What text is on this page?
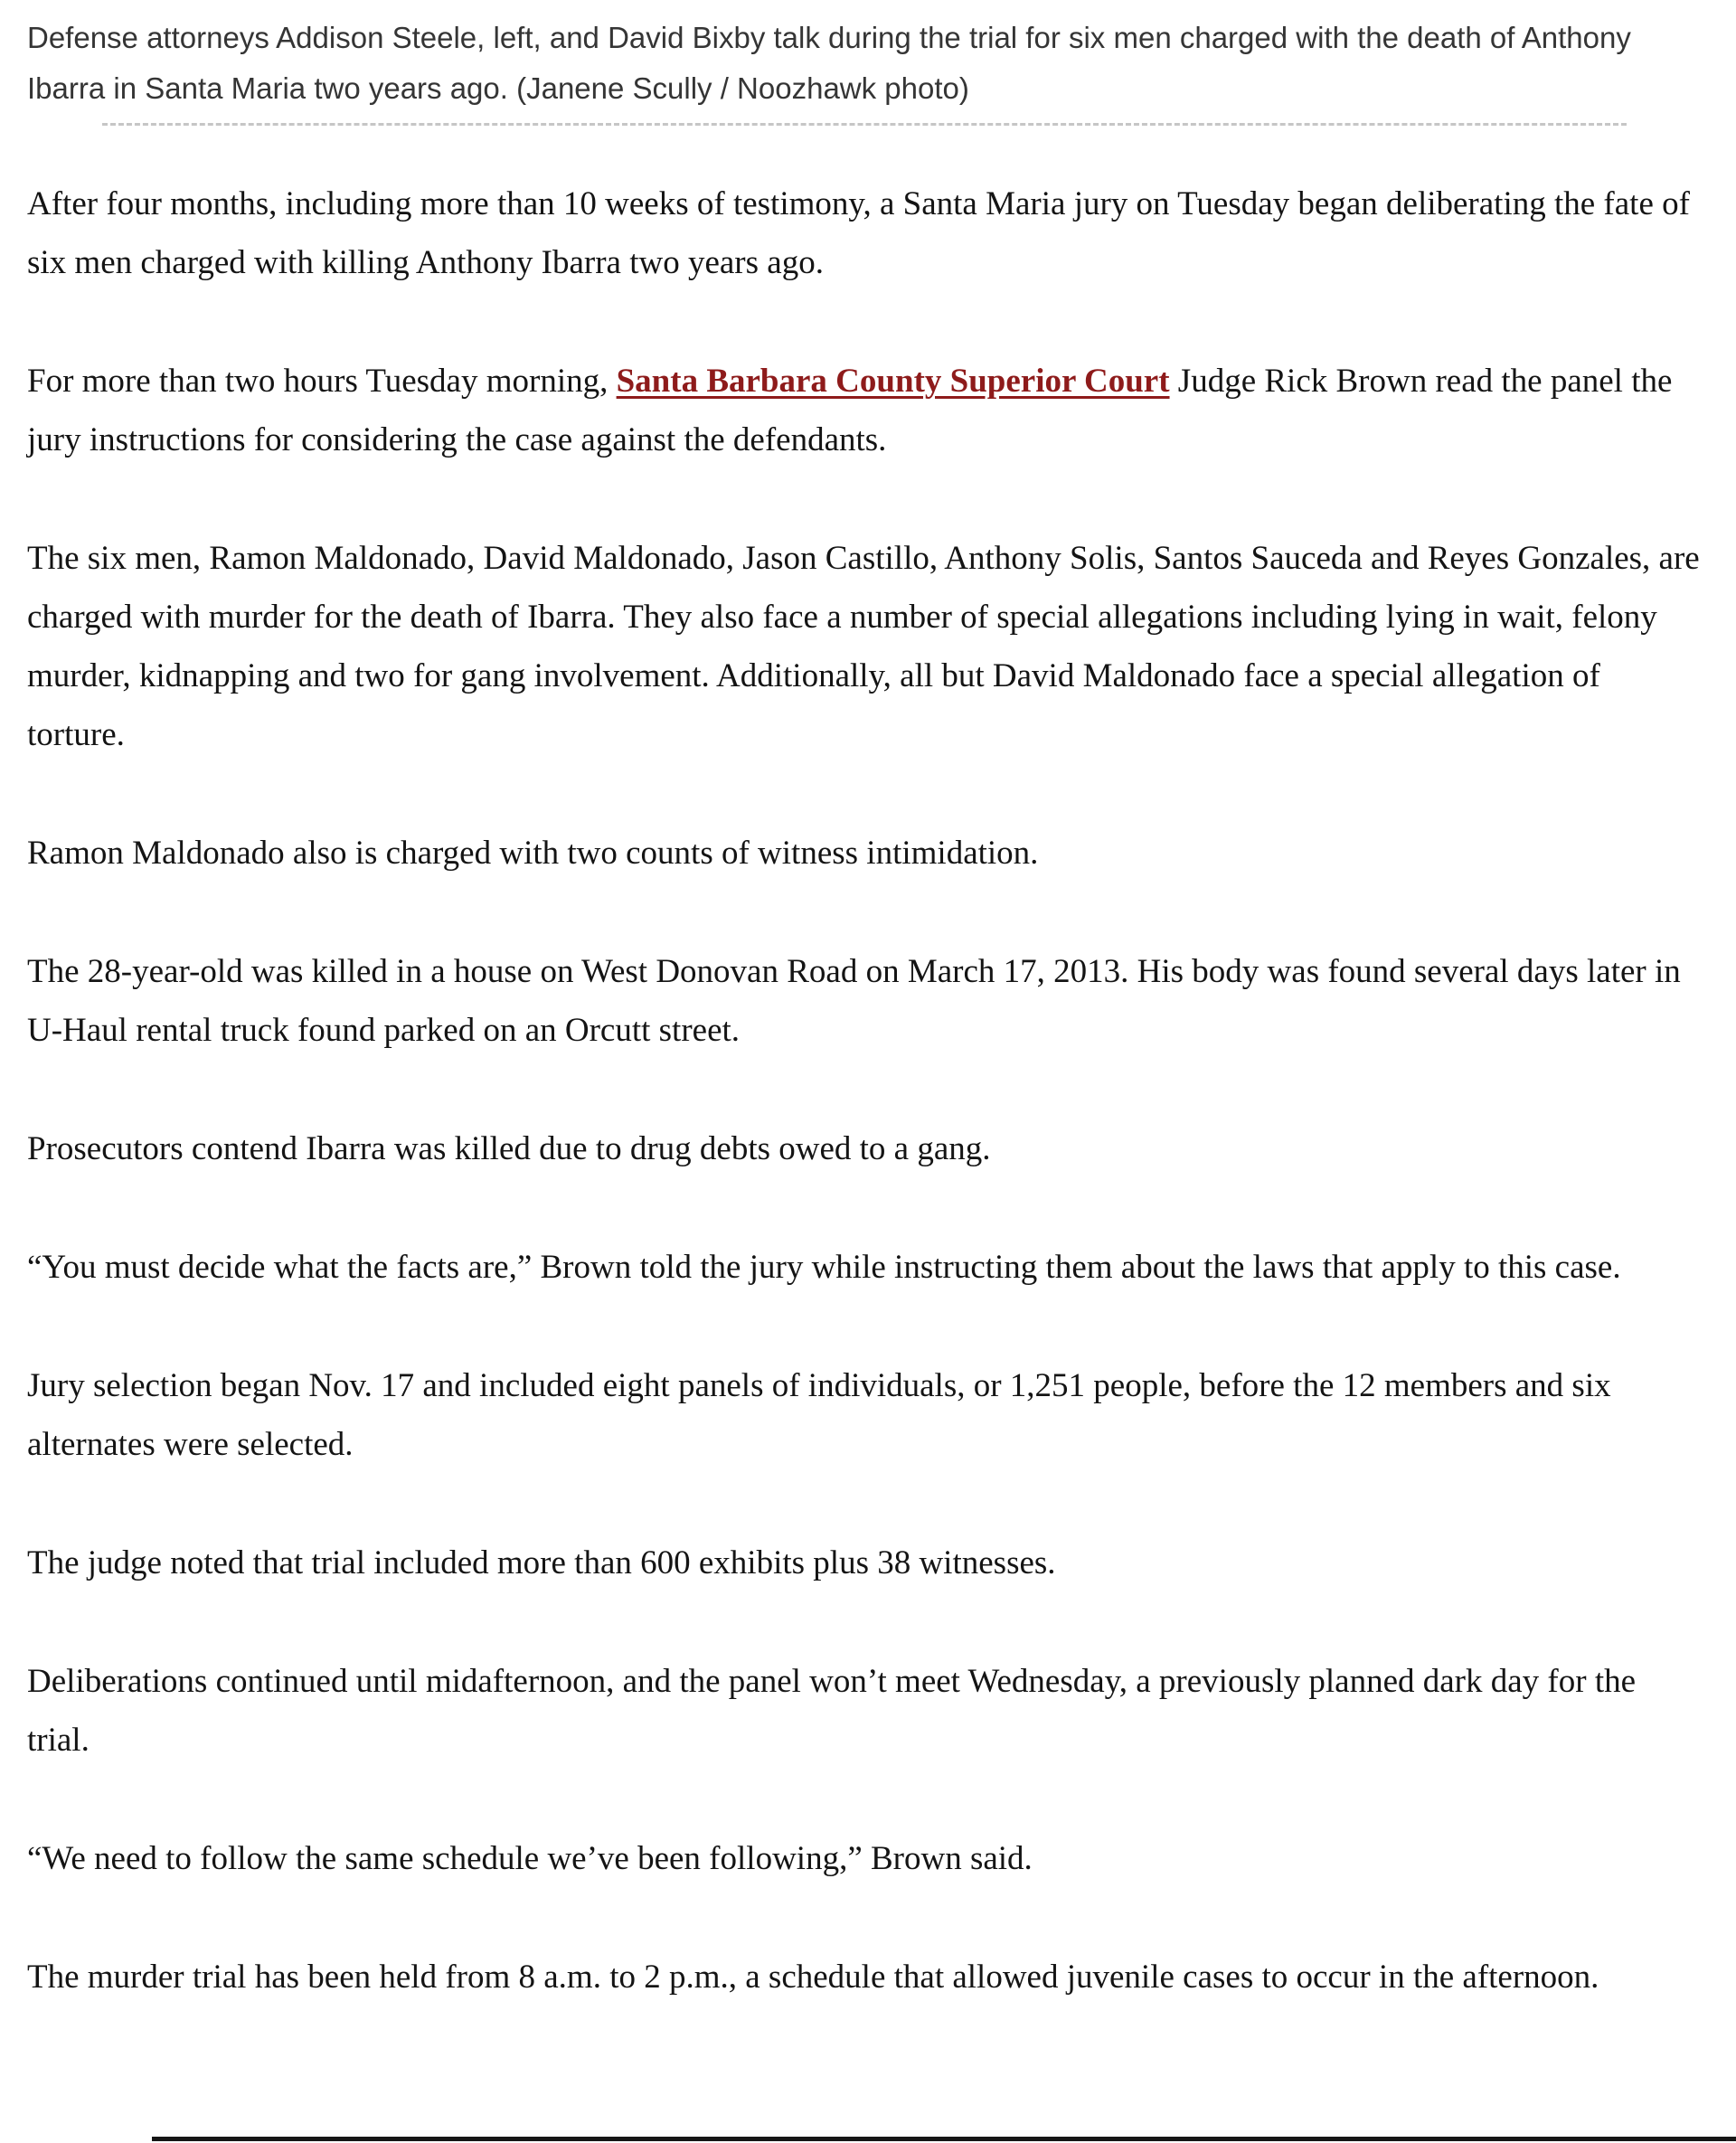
Defense attorneys Addison Steele, left, and David Bixby talk during the trial for six men charged with the death of Anthony Ibarra in Santa Maria two years ago. (Janene Scully / Noozhawk photo)

After four months, including more than 10 weeks of testimony, a Santa Maria jury on Tuesday began deliberating the fate of six men charged with killing Anthony Ibarra two years ago.

For more than two hours Tuesday morning, Santa Barbara County Superior Court Judge Rick Brown read the panel the jury instructions for considering the case against the defendants.

The six men, Ramon Maldonado, David Maldonado, Jason Castillo, Anthony Solis, Santos Sauceda and Reyes Gonzales, are charged with murder for the death of Ibarra. They also face a number of special allegations including lying in wait, felony murder, kidnapping and two for gang involvement. Additionally, all but David Maldonado face a special allegation of torture.

Ramon Maldonado also is charged with two counts of witness intimidation.

The 28-year-old was killed in a house on West Donovan Road on March 17, 2013. His body was found several days later in U-Haul rental truck found parked on an Orcutt street.

Prosecutors contend Ibarra was killed due to drug debts owed to a gang.

“You must decide what the facts are,” Brown told the jury while instructing them about the laws that apply to this case.

Jury selection began Nov. 17 and included eight panels of individuals, or 1,251 people, before the 12 members and six alternates were selected.

The judge noted that trial included more than 600 exhibits plus 38 witnesses.

Deliberations continued until midafternoon, and the panel won’t meet Wednesday, a previously planned dark day for the trial.

“We need to follow the same schedule we’ve been following,” Brown said.

The murder trial has been held from 8 a.m. to 2 p.m., a schedule that allowed juvenile cases to occur in the afternoon.
